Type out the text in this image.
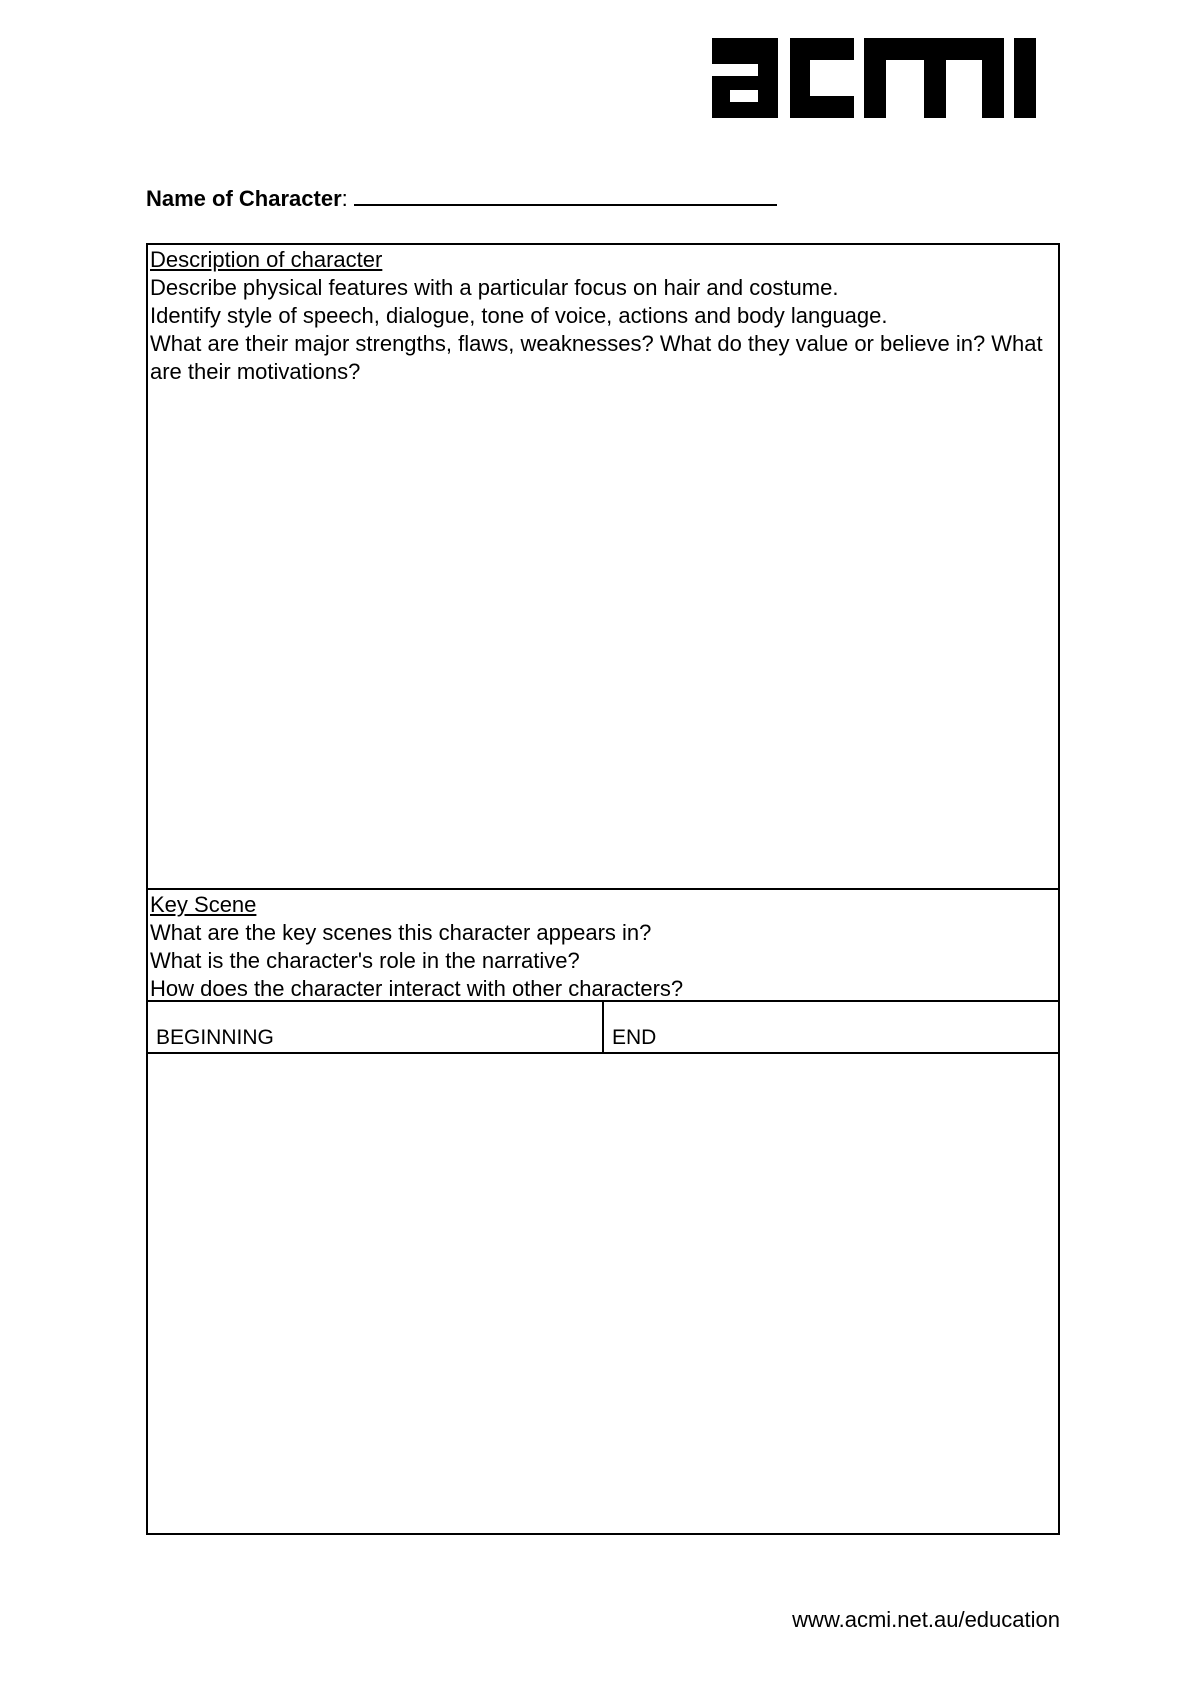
Name of Character:
Description of character
Describe physical features with a particular focus on hair and costume.
Identify style of speech, dialogue, tone of voice, actions and body language.
What are their major strengths, flaws, weaknesses? What do they value or believe in? What are their motivations?
Key Scene
What are the key scenes this character appears in?
What is the character's role in the narrative?
How does the character interact with other characters?
BEGINNING	END
www.acmi.net.au/education
